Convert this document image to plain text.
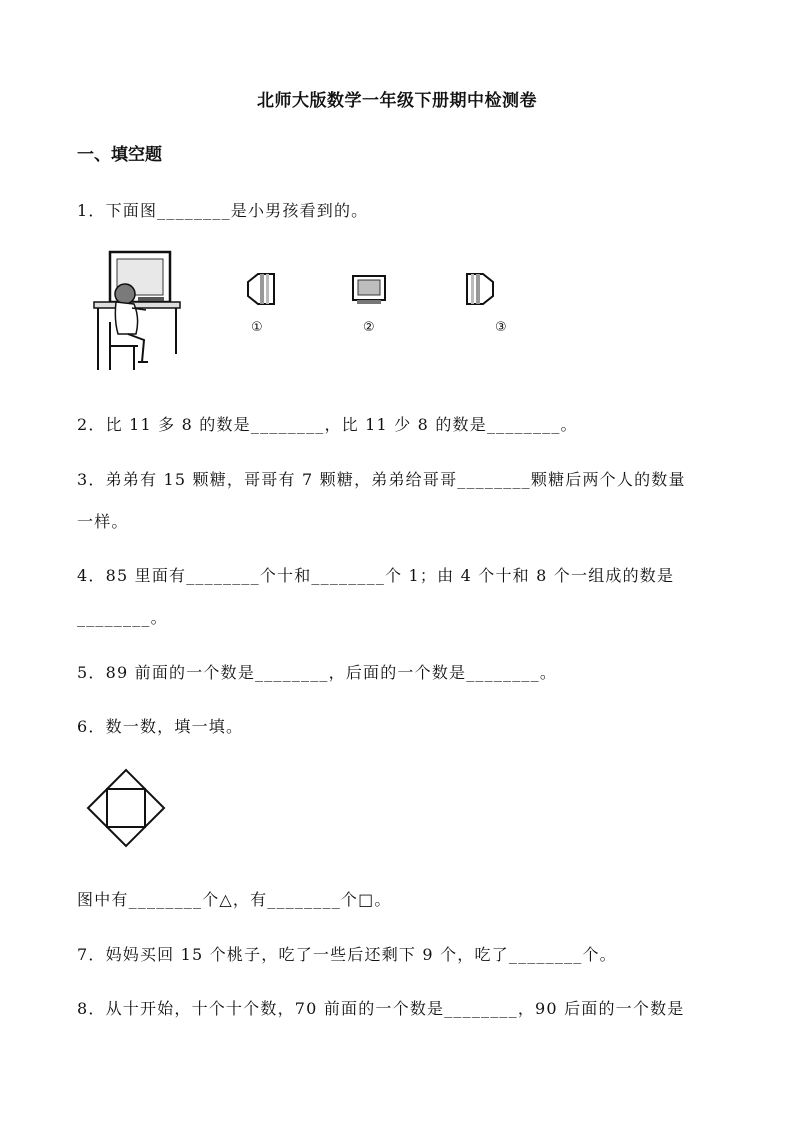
北师大版数学一年级下册期中检测卷
一、填空题
1．下面图________是小男孩看到的。
①	②	③
2．比 11 多 8 的数是________，比 11 少 8 的数是________。
3．弟弟有 15 颗糖，哥哥有 7 颗糖，弟弟给哥哥________颗糖后两个人的数量
一样。
4．85 里面有________个十和________个 1；由 4 个十和 8 个一组成的数是
________。
5．89 前面的一个数是________，后面的一个数是________。
6．数一数，填一填。
图中有________个△，有________个□。
7．妈妈买回 15 个桃子，吃了一些后还剩下 9 个，吃了________个。
8．从十开始，十个十个数，70 前面的一个数是________，90 后面的一个数是
